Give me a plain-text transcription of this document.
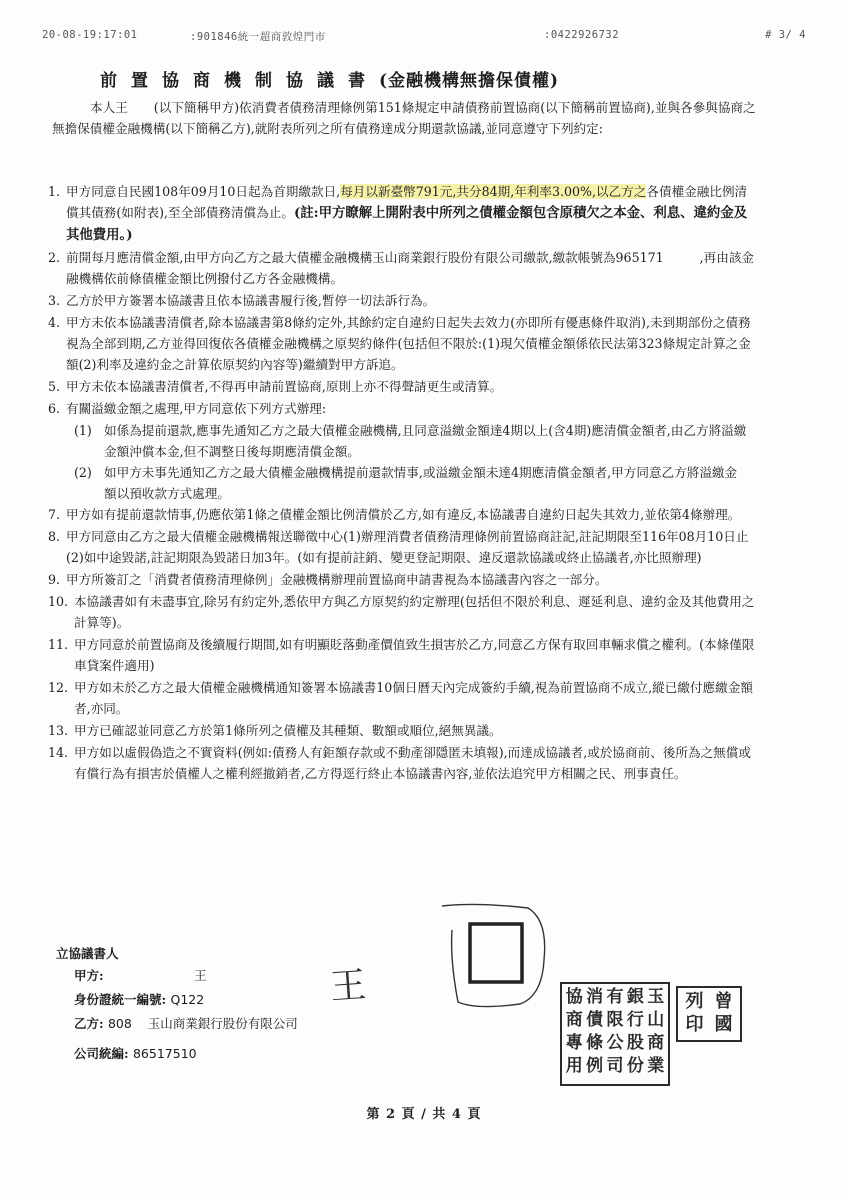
20-08-19:17:01	:901846統一超商敦煌門市	:0422926732	# 3/ 4
前置協商機制協議書(金融機構無擔保債權)
本人王 (以下簡稱甲方)依消費者債務清理條例第151條規定申請債務前置協商(以下簡稱前置協商),並與各參與協商之無擔保債權金融機構(以下簡稱乙方),就附表所列之所有債務達成分期還款協議,並同意遵守下列約定:
1. 甲方同意自民國108年09月10日起為首期繳款日,每月以新臺幣791元,共分84期,年利率3.00%,以乙方之各債權金融比例清償其債務(如附表),至全部債務清償為止。(註:甲方瞭解上開附表中所列之債權金額包含原積欠之本金、利息、違約金及其他費用。)
2. 前開每月應清償金額,由甲方向乙方之最大債權金融機構玉山商業銀行股份有限公司繳款,繳款帳號為965171	,再由該金融機構依前條債權金額比例撥付乙方各金融機構。
3. 乙方於甲方簽署本協議書且依本協議書履行後,暫停一切法訴行為。
4. 甲方未依本協議書清償者,除本協議書第8條約定外,其餘約定自違約日起失去效力(亦即所有優惠條件取消),未到期部份之債務視為全部到期,乙方並得回復依各債權金融機構之原契約條件(包括但不限於:(1)現欠債權金額係依民法第323條規定計算之金額(2)利率及違約金之計算依原契約內容等)繼續對甲方訴追。
5. 甲方未依本協議書清償者,不得再申請前置協商,原則上亦不得聲請更生或清算。
6. 有關溢繳金額之處理,甲方同意依下列方式辦理:
(1) 如係為提前還款,應事先通知乙方之最大債權金融機構,且同意溢繳金額達4期以上(含4期)應清償金額者,由乙方將溢繳金額沖償本金,但不調整日後每期應清償金額。
(2) 如甲方未事先通知乙方之最大債權金融機構提前還款情事,或溢繳金額未達4期應清償金額者,甲方同意乙方將溢繳金額以預收款方式處理。
7. 甲方如有提前還款情事,仍應依第1條之債權金額比例清償於乙方,如有違反,本協議書自違約日起失其效力,並依第4條辦理。
8. 甲方同意由乙方之最大債權金融機構報送聯徵中心(1)辦理消費者債務清理條例前置協商註記,註記期限至116年08月10日止(2)如中途毀諾,註記期限為毀諾日加3年。(如有提前註銷、變更登記期限、違反還款協議或終止協議者,亦比照辦理)
9. 甲方所簽訂之「消費者債務清理條例」金融機構辦理前置協商申請書視為本協議書內容之一部分。
10. 本協議書如有未盡事宜,除另有約定外,悉依甲方與乙方原契約約定辦理(包括但不限於利息、遲延利息、違約金及其他費用之計算等)。
11. 甲方同意於前置協商及後續履行期間,如有明顯貶落動產價值致生損害於乙方,同意乙方保有取回車輛求償之權利。(本條僅限車貸案件適用)
12. 甲方如未於乙方之最大債權金融機構通知簽署本協議書10個日曆天內完成簽約手續,視為前置協商不成立,縱已繳付應繳金額者,亦同。
13. 甲方已確認並同意乙方於第1條所列之債權及其種類、數額或順位,絕無異議。
14. 甲方如以虛假偽造之不實資料(例如:債務人有鉅額存款或不動產卻隱匿未填報),而達成協議者,或於協商前、後所為之無償或有償行為有損害於債權人之權利經撤銷者,乙方得逕行終止本協議書內容,並依法追究甲方相關之民、刑事責任。
王
立協議書人
甲方:	王
身份證統一編號: Q122
乙方: 808    玉山商業銀行股份有限公司
公司統編: 86517510
玉
山
商
業
銀
行
股
份
有
限
公
司
消
債
條
例
協
商
專
用
曾
國
列
印
第 2 頁 / 共 4 頁
